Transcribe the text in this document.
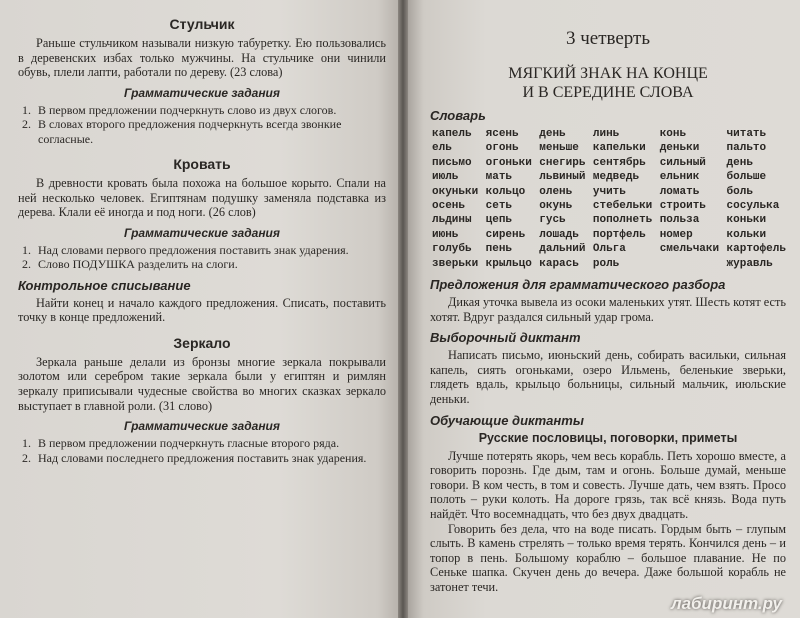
Стульчик

Раньше стульчиком называли низкую табуретку. Ею пользовались в деревенских избах только мужчины. На стульчике они чинили обувь, плели лапти, работали по дереву. (23 слова)

Грамматические задания
1. В первом предложении подчеркнуть слово из двух слогов.
2. В словах второго предложения подчеркнуть всегда звонкие согласные.
Кровать

В древности кровать была похожа на большое корыто. Спали на ней несколько человек. Египтянам подушку заменяла подставка из дерева. Клали её иногда и под ноги. (26 слов)

Грамматические задания
1. Над словами первого предложения поставить знак ударения.
2. Слово ПОДУШКА разделить на слоги.
Контрольное списывание

Найти конец и начало каждого предложения. Списать, поставить точку в конце предложений.

Зеркало

Зеркала раньше делали из бронзы многие зеркала покрывали золотом или серебром такие зеркала были у египтян и римлян зеркалу приписывали чудесные свойства во многих сказках зеркало выступает в главной роли. (31 слово)

Грамматические задания
1. В первом предложении подчеркнуть гласные второго ряда.
2. Над словами последнего предложения поставить знак ударения.
3 четверть
МЯГКИЙ ЗНАК НА КОНЦЕ
И В СЕРЕДИНЕ СЛОВА
Словарь
капель
ель
письмо
июль
окуньки
осень
льдины
июнь
голубь
зверьки
ясень
огонь
огоньки
мать
кольцо
сеть
цепь
сирень
пень
крыльцо
день
меньше
снегирь
львиный
олень
окунь
гусь
лошадь
дальний
карась
линь
капельки
сентябрь
медведь
учить
стебельки
пополнеть
портфель
Ольга
роль
конь
деньки
сильный
ельник
ломать
строить
польза
номер
смельчаки
читать
пальто
день
больше
боль
сосулька
коньки
кольки
картофель
журавль
Предложения для грамматического разбора

Дикая уточка вывела из осоки маленьких утят. Шесть котят есть хотят. Вдруг раздался сильный удар грома.

Выборочный диктант

Написать письмо, июньский день, собирать васильки, сильная капель, сиять огоньками, озеро Ильмень, беленькие зверьки, глядеть вдаль, крыльцо больницы, сильный мальчик, июльские деньки.

Обучающие диктанты
Русские пословицы, поговорки, приметы

Лучше потерять якорь, чем весь корабль. Петь хорошо вместе, а говорить порознь. Где дым, там и огонь. Больше думай, меньше говори. В ком честь, в том и совесть. Лучше дать, чем взять. Просо полоть – руки колоть. На дороге грязь, так всё князь. Вода путь найдёт. Что восемнадцать, что без двух двадцать.

Говорить без дела, что на воде писать. Гордым быть – глупым слыть. В камень стрелять – только время терять. Кончился день – и топор в пень. Большому кораблю – большое плавание. Не по Сеньке шапка. Скучен день до вечера. Даже большой корабль не затонет течи.

лабиринт.ру
